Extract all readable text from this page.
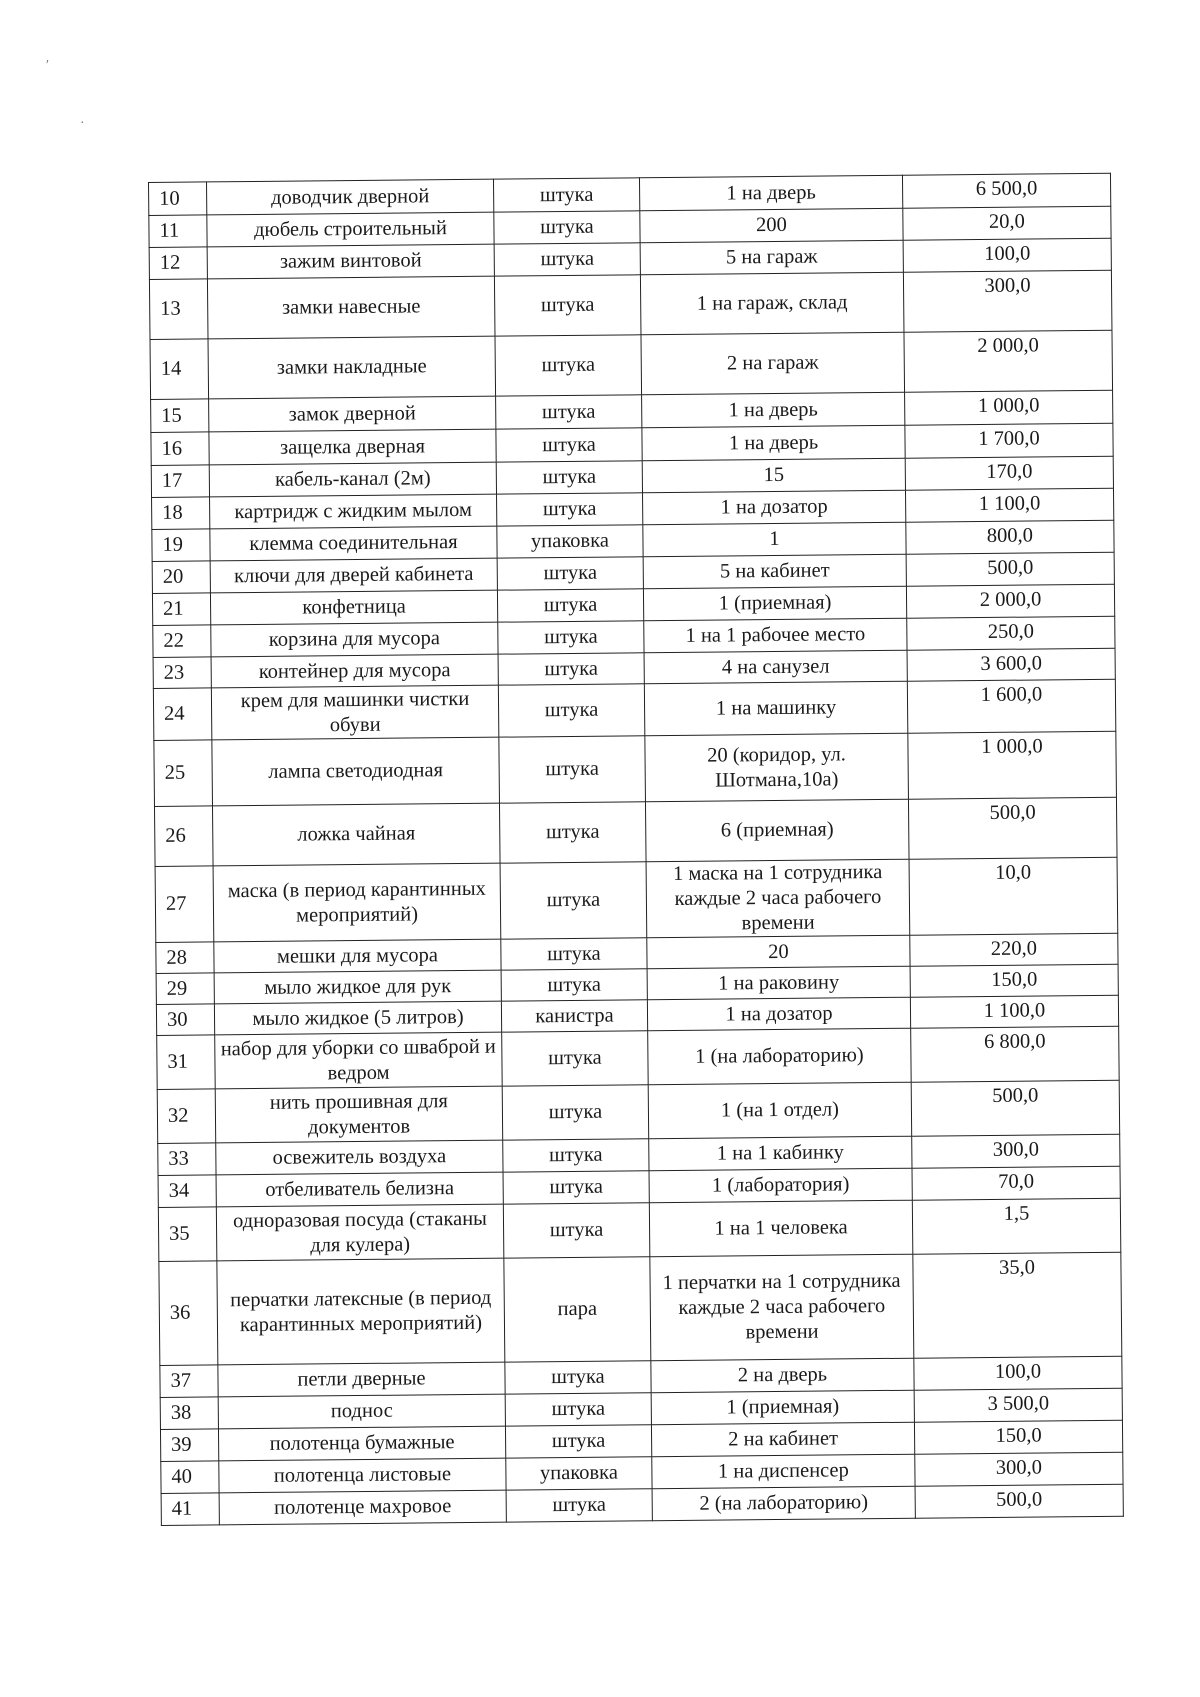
′
·
10	доводчик дверной	штука	1 на дверь	6 500,0
11	дюбель строительный	штука	200	20,0
12	зажим винтовой	штука	5 на гараж	100,0
13	замки навесные	штука	1 на гараж, склад	300,0
14	замки накладные	штука	2 на гараж	2 000,0
15	замок дверной	штука	1 на дверь	1 000,0
16	защелка дверная	штука	1 на дверь	1 700,0
17	кабель-канал (2м)	штука	15	170,0
18	картридж с жидким мылом	штука	1 на дозатор	1 100,0
19	клемма соединительная	упаковка	1	800,0
20	ключи для дверей кабинета	штука	5 на кабинет	500,0
21	конфетница	штука	1 (приемная)	2 000,0
22	корзина для мусора	штука	1 на 1 рабочее место	250,0
23	контейнер для мусора	штука	4 на санузел	3 600,0
24	крем для машинки чистки обуви	штука	1 на машинку	1 600,0
25	лампа светодиодная	штука	20 (коридор, ул. Шотмана,10а)	1 000,0
26	ложка чайная	штука	6 (приемная)	500,0
27	маска (в период карантинных мероприятий)	штука	1 маска на 1 сотрудника каждые 2 часа рабочего времени	10,0
28	мешки для мусора	штука	20	220,0
29	мыло жидкое для рук	штука	1 на раковину	150,0
30	мыло жидкое (5 литров)	канистра	1 на дозатор	1 100,0
31	набор для уборки со шваброй и ведром	штука	1 (на лабораторию)	6 800,0
32	нить прошивная для документов	штука	1 (на 1 отдел)	500,0
33	освежитель воздуха	штука	1 на 1 кабинку	300,0
34	отбеливатель белизна	штука	1 (лаборатория)	70,0
35	одноразовая посуда (стаканы для кулера)	штука	1 на 1 человека	1,5
36	перчатки латексные (в период карантинных мероприятий)	пара	1 перчатки на 1 сотрудника каждые 2 часа рабочего времени	35,0
37	петли дверные	штука	2 на дверь	100,0
38	поднос	штука	1 (приемная)	3 500,0
39	полотенца бумажные	штука	2 на кабинет	150,0
40	полотенца листовые	упаковка	1 на диспенсер	300,0
41	полотенце махровое	штука	2 (на лабораторию)	500,0
